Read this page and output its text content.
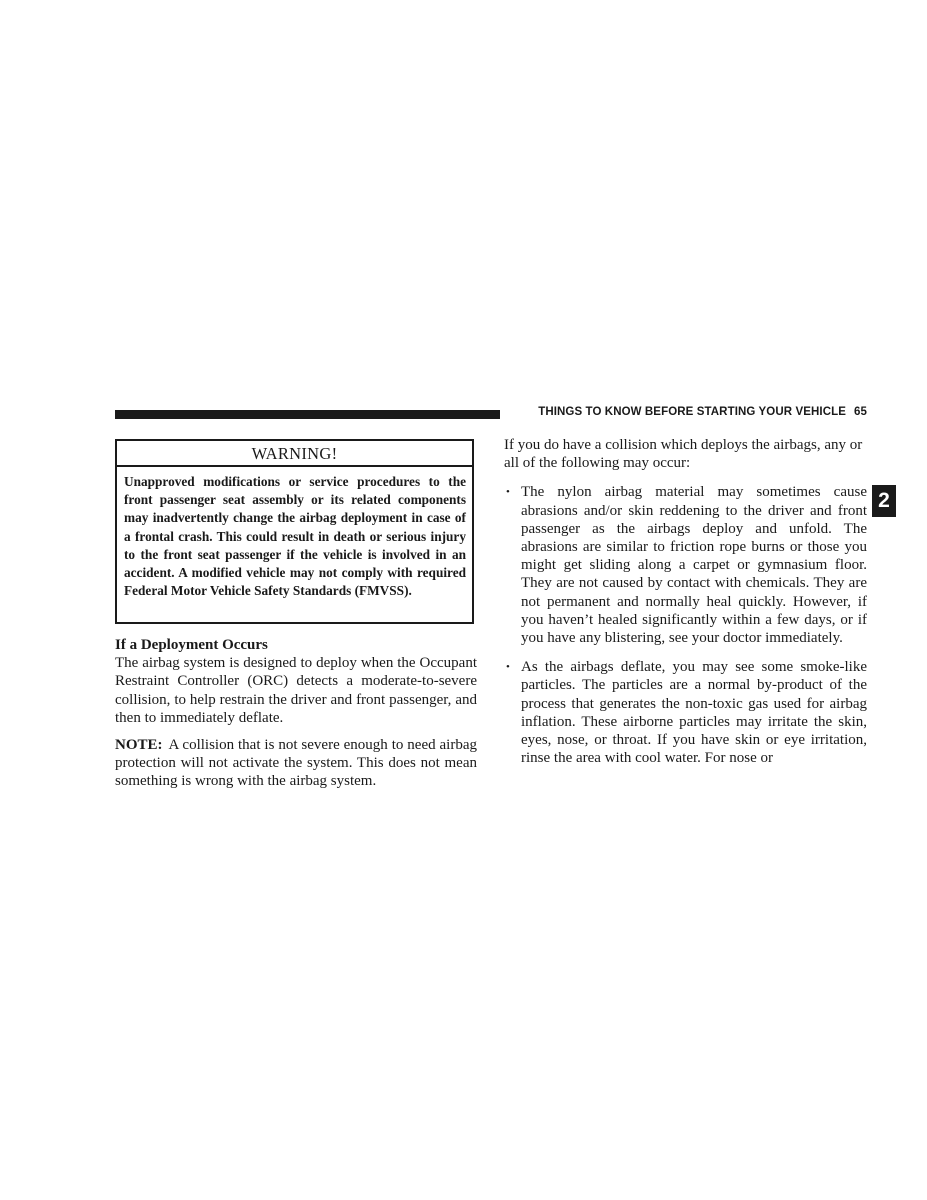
THINGS TO KNOW BEFORE STARTING YOUR VEHICLE 65
2
WARNING!
Unapproved modifications or service procedures to the front passenger seat assembly or its related components may inadvertently change the airbag deployment in case of a frontal crash. This could result in death or serious injury to the front seat passenger if the vehicle is involved in an accident. A modified vehicle may not comply with required Federal Motor Vehicle Safety Standards (FMVSS).

If a Deployment Occurs

The airbag system is designed to deploy when the Occupant Restraint Controller (ORC) detects a moderate-to-severe collision, to help restrain the driver and front passenger, and then to immediately deflate.

NOTE: A collision that is not severe enough to need airbag protection will not activate the system. This does not mean something is wrong with the airbag system.

If you do have a collision which deploys the airbags, any or all of the following may occur:

• The nylon airbag material may sometimes cause abrasions and/or skin reddening to the driver and front passenger as the airbags deploy and unfold. The abrasions are similar to friction rope burns or those you might get sliding along a carpet or gymnasium floor. They are not caused by contact with chemicals. They are not permanent and normally heal quickly. However, if you haven’t healed significantly within a few days, or if you have any blistering, see your doctor immediately.
• As the airbags deflate, you may see some smoke-like particles. The particles are a normal by-product of the process that generates the non-toxic gas used for airbag inflation. These airborne particles may irritate the skin, eyes, nose, or throat. If you have skin or eye irritation, rinse the area with cool water. For nose or
